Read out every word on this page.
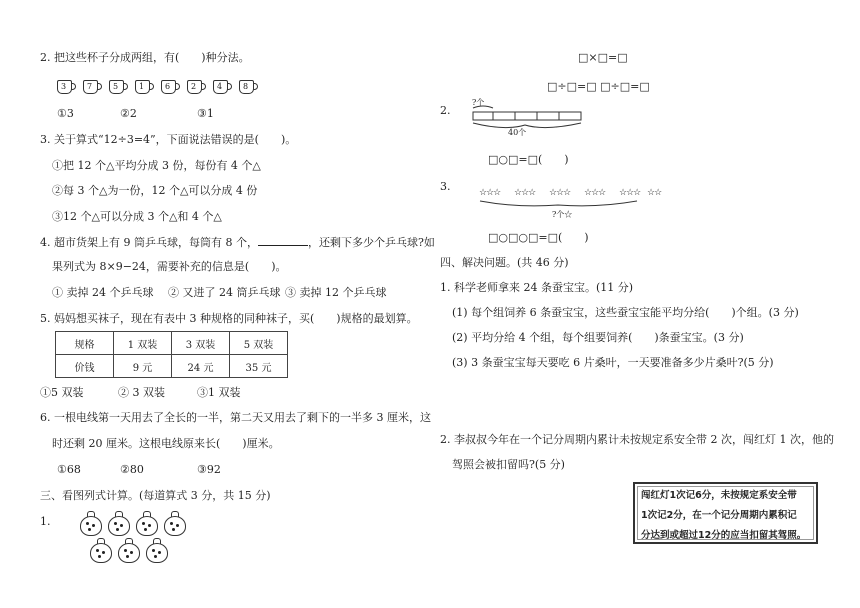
2. 把这些杯子分成两组，有(　　)种分法。
3	7	5	1	6	2	4	8
①3	②2	③1
3. 关于算式“12÷3=4”，下面说法错误的是(　　)。
①把 12 个△平均分成 3 份，每份有 4 个△
②每 3 个△为一份，12 个△可以分成 4 份
③12 个△可以分成 3 个△和 4 个△
4. 超市货架上有 9 筒乒乓球，每筒有 8 个，	，还剩下多少个乒乓球?如
果列式为 8×9−24，需要补充的信息是(　　)。
① 卖掉 24 个乒乓球 ② 又进了 24 筒乒乓球 ③ 卖掉 12 个乒乓球
5. 妈妈想买袜子，现在有表中 3 种规格的同种袜子，买(　　)规格的最划算。
规格	1 双装	3 双装	5 双装
价钱	9 元	24 元	35 元
①5 双装	② 3 双装	③1 双装
6. 一根电线第一天用去了全长的一半，第二天又用去了剩下的一半多 3 厘米，这
时还剩 20 厘米。这根电线原来长(　　)厘米。
①68	②80	③92
三、看图列式计算。(每道算式 3 分，共 15 分)
1.
□×□=□
□÷□=□ □÷□=□
2.
?个
40个
□○□=□(　　)
3.	☆☆☆ ☆☆☆ ☆☆☆ ☆☆☆ ☆☆☆ ☆☆
?个☆
□○□○□=□(　　)
四、解决问题。(共 46 分)
1. 科学老师拿来 24 条蚕宝宝。(11 分)
(1) 每个组饲养 6 条蚕宝宝，这些蚕宝宝能平均分给(　　)个组。(3 分)
(2) 平均分给 4 个组，每个组要饲养(　　)条蚕宝宝。(3 分)
(3) 3 条蚕宝宝每天要吃 6 片桑叶，一天要准备多少片桑叶?(5 分)
2. 李叔叔今年在一个记分周期内累计未按规定系安全带 2 次，闯红灯 1 次，他的
驾照会被扣留吗?(5 分)
闯红灯1次记6分，未按规定系安全带
1次记2分，在一个记分周期内累积记
分达到或超过12分的应当扣留其驾照。
